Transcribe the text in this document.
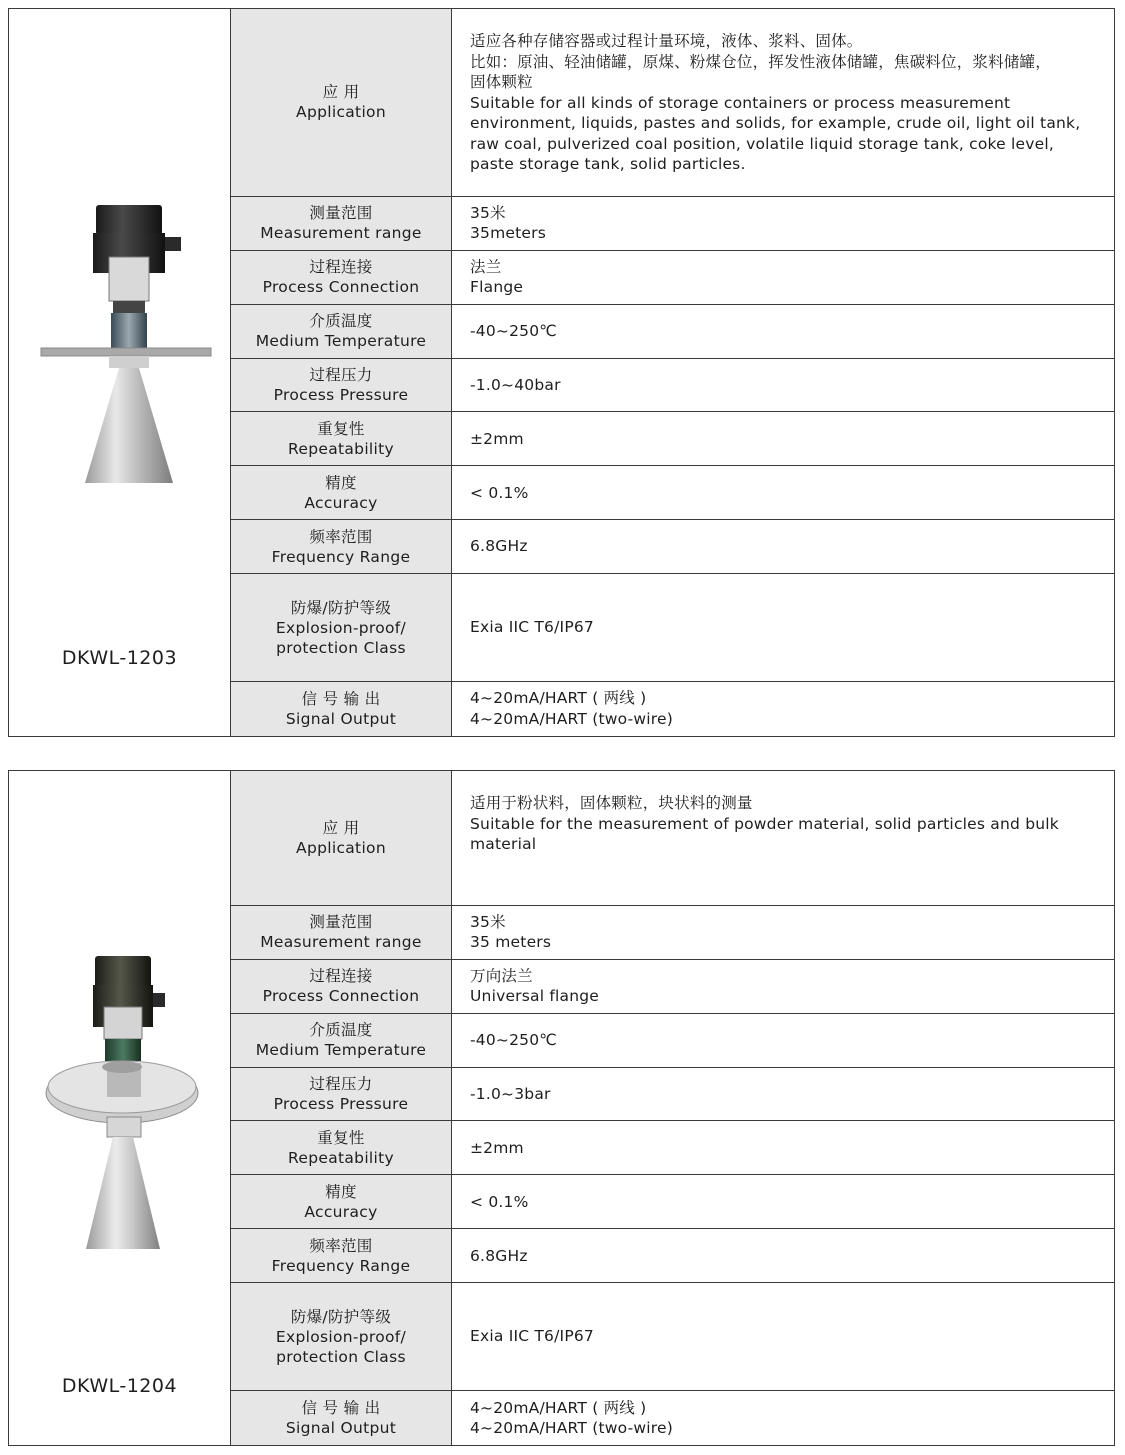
DKWL-1203
应 用
Application
适应各种存储容器或过程计量环境，液体、浆料、固体。
比如：原油、轻油储罐，原煤、粉煤仓位，挥发性液体储罐，焦碳料位，浆料储罐，
固体颗粒
Suitable for all kinds of storage containers or process measurement
environment, liquids, pastes and solids, for example, crude oil, light oil tank,
raw coal, pulverized coal position, volatile liquid storage tank, coke level,
paste storage tank, solid particles.
测量范围
Measurement range
35米
35meters
过程连接
Process Connection
法兰
Flange
介质温度
Medium Temperature
-40~250℃
过程压力
Process Pressure
-1.0~40bar
重复性
Repeatability
±2mm
精度
Accuracy
< 0.1%
频率范围
Frequency Range
6.8GHz
防爆/防护等级
Explosion-proof/
protection Class
Exia IIC T6/IP67
信 号 输 出
Signal Output
4~20mA/HART ( 两线 )
4~20mA/HART (two-wire)
DKWL-1204
应 用
Application
适用于粉状料，固体颗粒，块状料的测量
Suitable for the measurement of powder material, solid particles and bulk
material
测量范围
Measurement range
35米
35 meters
过程连接
Process Connection
万向法兰
Universal flange
介质温度
Medium Temperature
-40~250℃
过程压力
Process Pressure
-1.0~3bar
重复性
Repeatability
±2mm
精度
Accuracy
< 0.1%
频率范围
Frequency Range
6.8GHz
防爆/防护等级
Explosion-proof/
protection Class
Exia IIC T6/IP67
信 号 输 出
Signal Output
4~20mA/HART ( 两线 )
4~20mA/HART (two-wire)
